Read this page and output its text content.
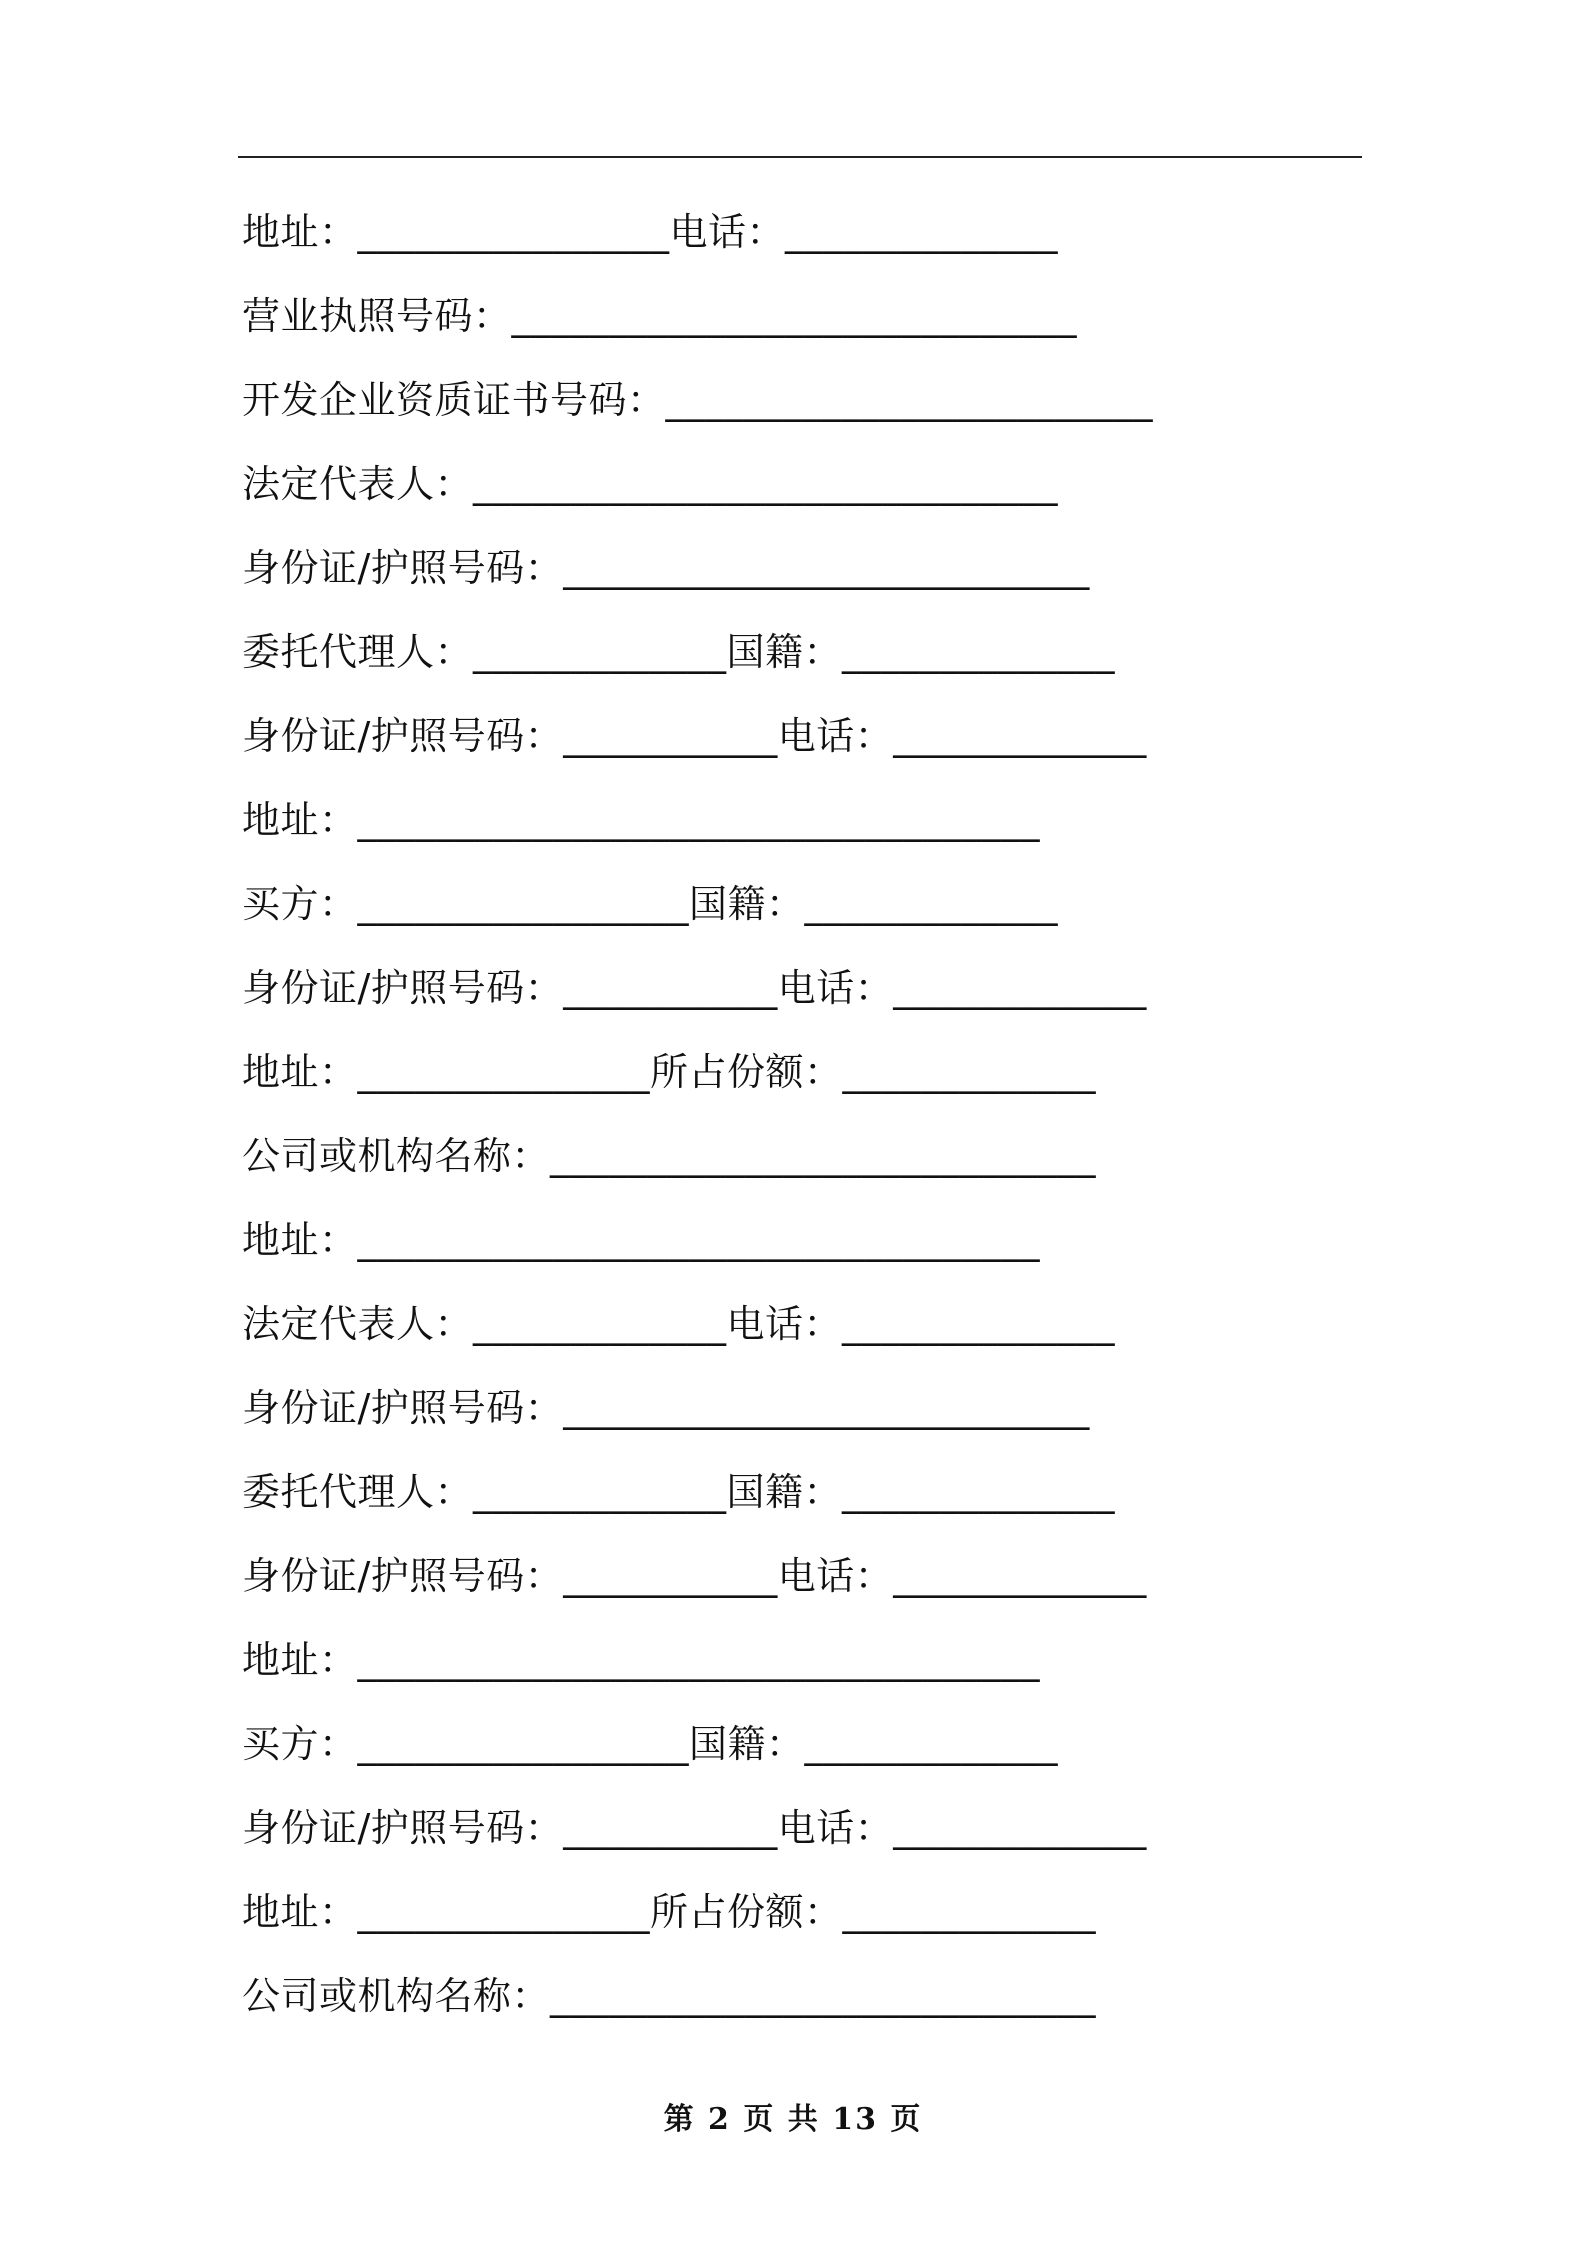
地址：________________电话：______________
营业执照号码：_____________________________
开发企业资质证书号码：_________________________
法定代表人：______________________________
身份证/护照号码：___________________________
委托代理人：_____________国籍：______________
身份证/护照号码：___________电话：_____________
地址：___________________________________
买方：_________________国籍：_____________
身份证/护照号码：___________电话：_____________
地址：_______________所占份额：_____________
公司或机构名称：____________________________
地址：___________________________________
法定代表人：_____________电话：______________
身份证/护照号码：___________________________
委托代理人：_____________国籍：______________
身份证/护照号码：___________电话：_____________
地址：___________________________________
买方：_________________国籍：_____________
身份证/护照号码：___________电话：_____________
地址：_______________所占份额：_____________
公司或机构名称：____________________________
第 2 页 共 13 页
